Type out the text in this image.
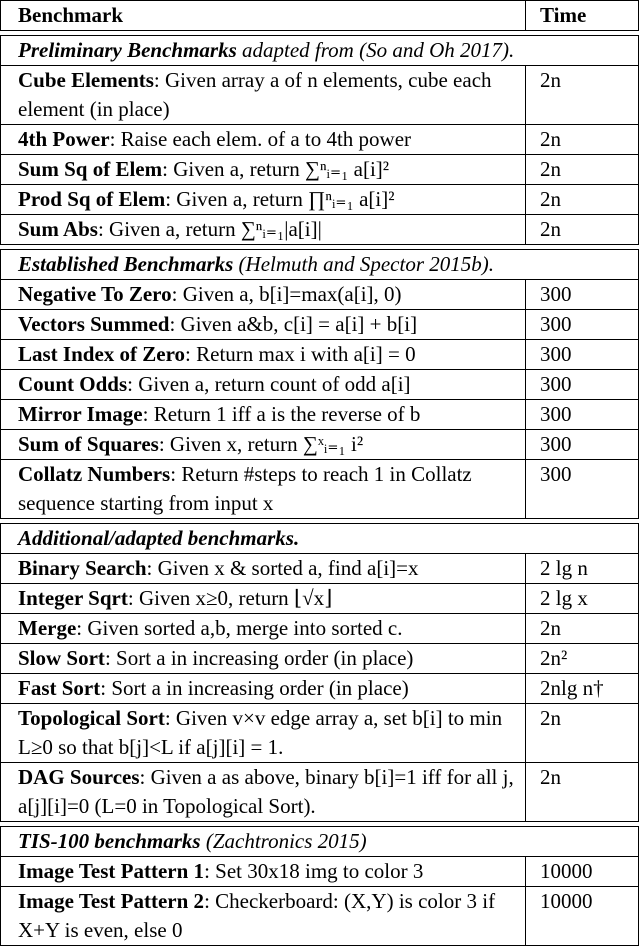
Benchmark	Time

Preliminary Benchmarks adapted from (So and Oh 2017).	
Cube Elements: Given array a of n elements, cube each element (in place)	2n
4th Power: Raise each elem. of a to 4th power	2n
Sum Sq of Elem: Given a, return ∑ⁿᵢ₌₁ a[i]²	2n
Prod Sq of Elem: Given a, return ∏ⁿᵢ₌₁ a[i]²	2n
Sum Abs: Given a, return ∑ⁿᵢ₌₁|a[i]|	2n

Established Benchmarks (Helmuth and Spector 2015b).	
Negative To Zero: Given a, b[i]=max(a[i], 0)	300
Vectors Summed: Given a&b, c[i] = a[i] + b[i]	300
Last Index of Zero: Return max i with a[i] = 0	300
Count Odds: Given a, return count of odd a[i]	300
Mirror Image: Return 1 iff a is the reverse of b	300
Sum of Squares: Given x, return ∑ˣᵢ₌₁ i²	300
Collatz Numbers: Return #steps to reach 1 in Collatz sequence starting from input x	300

Additional/adapted benchmarks.	
Binary Search: Given x & sorted a, find a[i]=x	2 lg n
Integer Sqrt: Given x≥0, return ⌊√x⌋	2 lg x
Merge: Given sorted a,b, merge into sorted c.	2n
Slow Sort: Sort a in increasing order (in place)	2n²
Fast Sort: Sort a in increasing order (in place)	2nlg n†
Topological Sort: Given v×v edge array a, set b[i] to min L≥0 so that b[j]<L if a[j][i] = 1.	2n
DAG Sources: Given a as above, binary b[i]=1 iff for all j, a[j][i]=0 (L=0 in Topological Sort).	2n

TIS-100 benchmarks (Zachtronics 2015)	
Image Test Pattern 1: Set 30x18 img to color 3	10000
Image Test Pattern 2: Checkerboard: (X,Y) is color 3 if X+Y is even, else 0	10000
